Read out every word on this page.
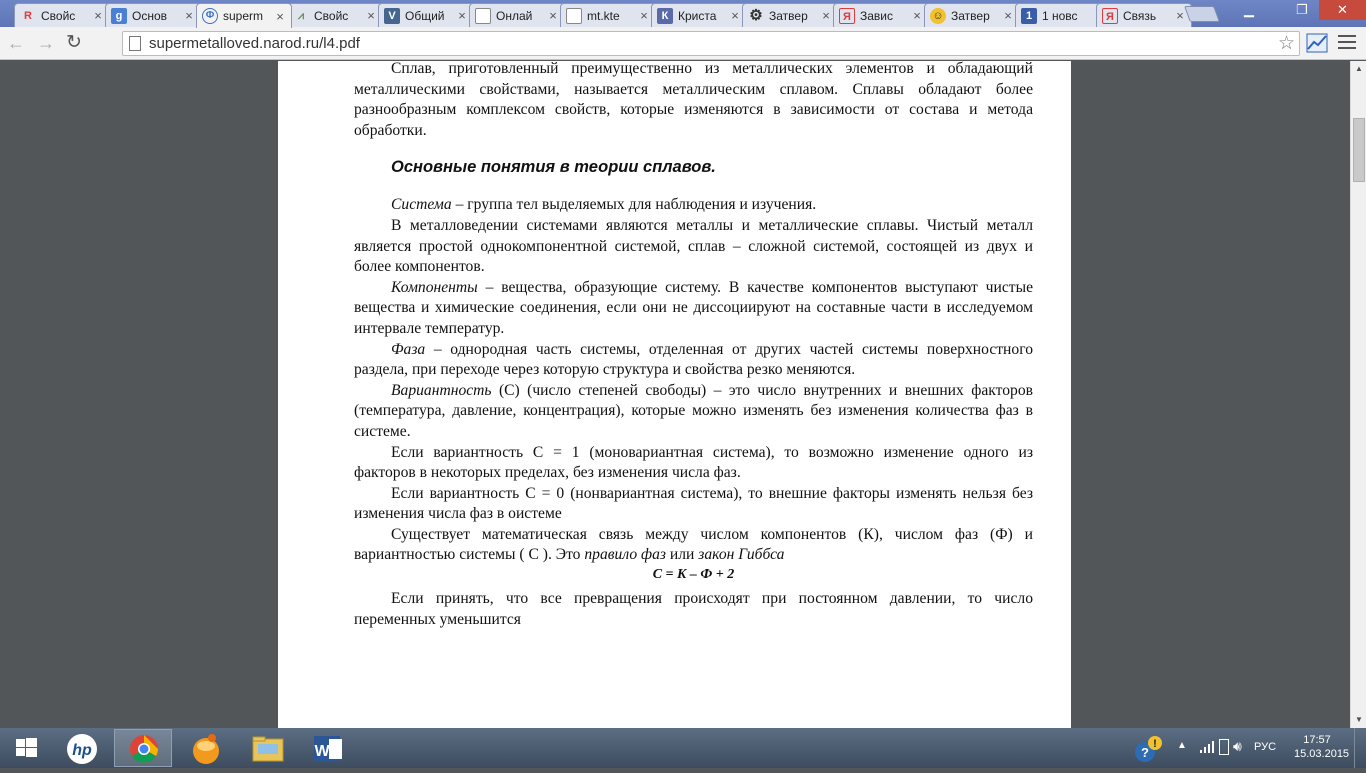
R Свойс	×	g Основ	×	Ф superm	×	⩘ Свойс	×	V Общий	×	Онлай	×	mt.kte	×	К Криста	× ⚙ Затвер	×	Я Завис	× ☺ Затвер	×	1 1 новс	Я Связь	×	▁	❐	✕
← → ↻	supermetalloved.narod.ru/l4.pdf	☆

Сплав, приготовленный преимущественно из металлических элементов и обладающий металлическими свойствами, называется металлическим сплавом. Сплавы обладают более разнообразным комплексом свойств, которые изменяются в зависимости от состава и метода обработки.

Основные понятия в теории сплавов.

Система – группа тел выделяемых для наблюдения и изучения.

В металловедении системами являются металлы и металлические сплавы. Чистый металл является простой однокомпонентной системой, сплав – сложной системой, состоящей из двух и более компонентов.

Компоненты – вещества, образующие систему. В качестве компонентов выступают чистые вещества и химические соединения, если они не диссоциируют на составные части в исследуемом интервале температур.

Фаза – однородная часть системы, отделенная от других частей системы поверхностного раздела, при переходе через которую структура и свойства резко меняются.

Вариантность (С) (число степеней свободы) – это число внутренних и внешних факторов (температура, давление, концентрация), которые можно изменять без изменения количества фаз в системе.

Если вариантность С = 1 (моновариантная система), то возможно изменение одного из факторов в некоторых пределах, без изменения числа фаз.

Если вариантность С = 0 (нонвариантная система), то внешние факторы изменять нельзя без изменения числа фаз в оистеме

Существует математическая связь между числом компонентов (К), числом фаз (Ф) и вариантностью системы ( С ). Это правило фаз или закон Гиббса

C = K – Ф + 2

Если принять, что все превращения происходят при постоянном давлении, то число переменных уменьшится

▲
▼
hp	W	?
! ▲	🔊︎ РУС
17:57
15.03.2015
